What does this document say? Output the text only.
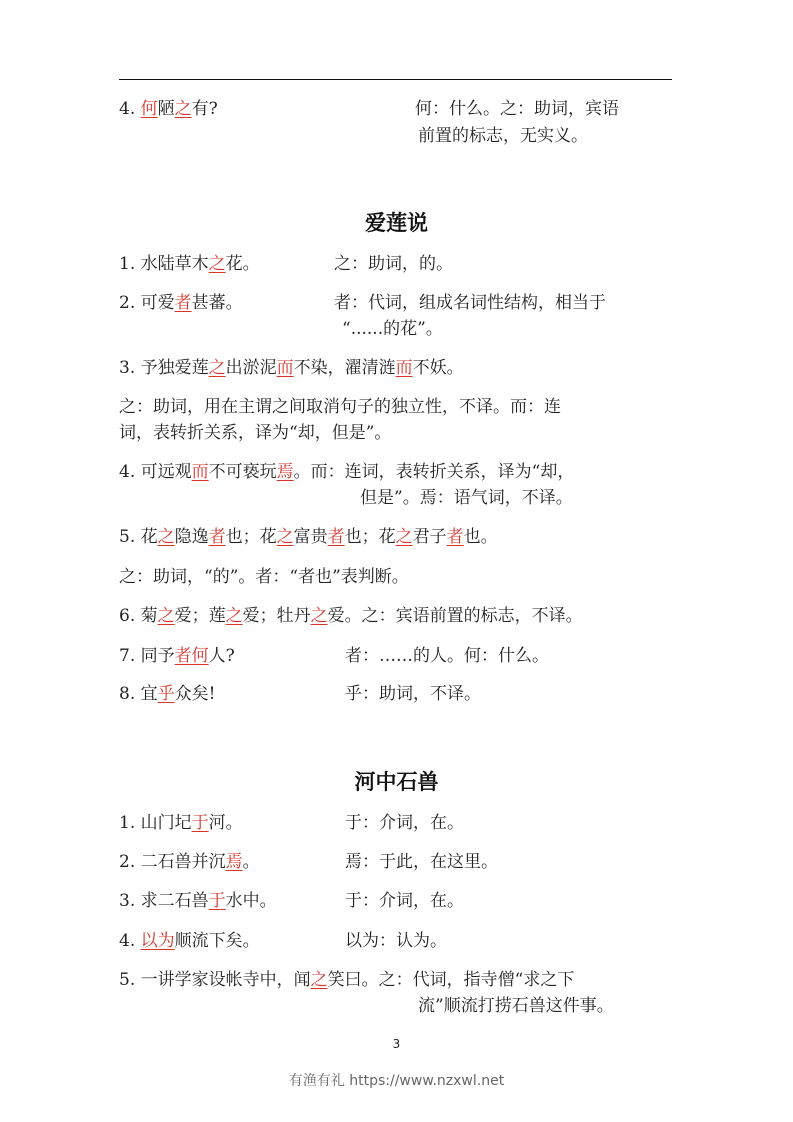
4. 何陋之有?	何：什么。之：助词，宾语
前置的标志，无实义。
爱莲说
1. 水陆草木之花。	之：助词，的。
2. 可爱者甚蕃。	者：代词，组成名词性结构，相当于
“......的花”。
3. 予独爱莲之出淤泥而不染，濯清涟而不妖。
之：助词，用在主谓之间取消句子的独立性，不译。而：连
词，表转折关系，译为“却，但是”。
4. 可远观而不可亵玩焉。而：连词，表转折关系，译为“却，
但是”。焉：语气词，不译。
5. 花之隐逸者也；花之富贵者也；花之君子者也。
之：助词，“的”。者：“者也”表判断。
6. 菊之爱；莲之爱；牡丹之爱。之：宾语前置的标志，不译。
7. 同予者何人?	者：……的人。何：什么。
8. 宜乎众矣!	乎：助词，不译。
河中石兽
1. 山门圮于河。	于：介词，在。
2. 二石兽并沉焉。	焉：于此，在这里。
3. 求二石兽于水中。	于：介词，在。
4. 以为顺流下矣。	以为：认为。
5. 一讲学家设帐寺中，闻之笑曰。之：代词，指寺僧“求之下
流”顺流打捞石兽这件事。
3
有渔有礼 https://www.nzxwl.net
